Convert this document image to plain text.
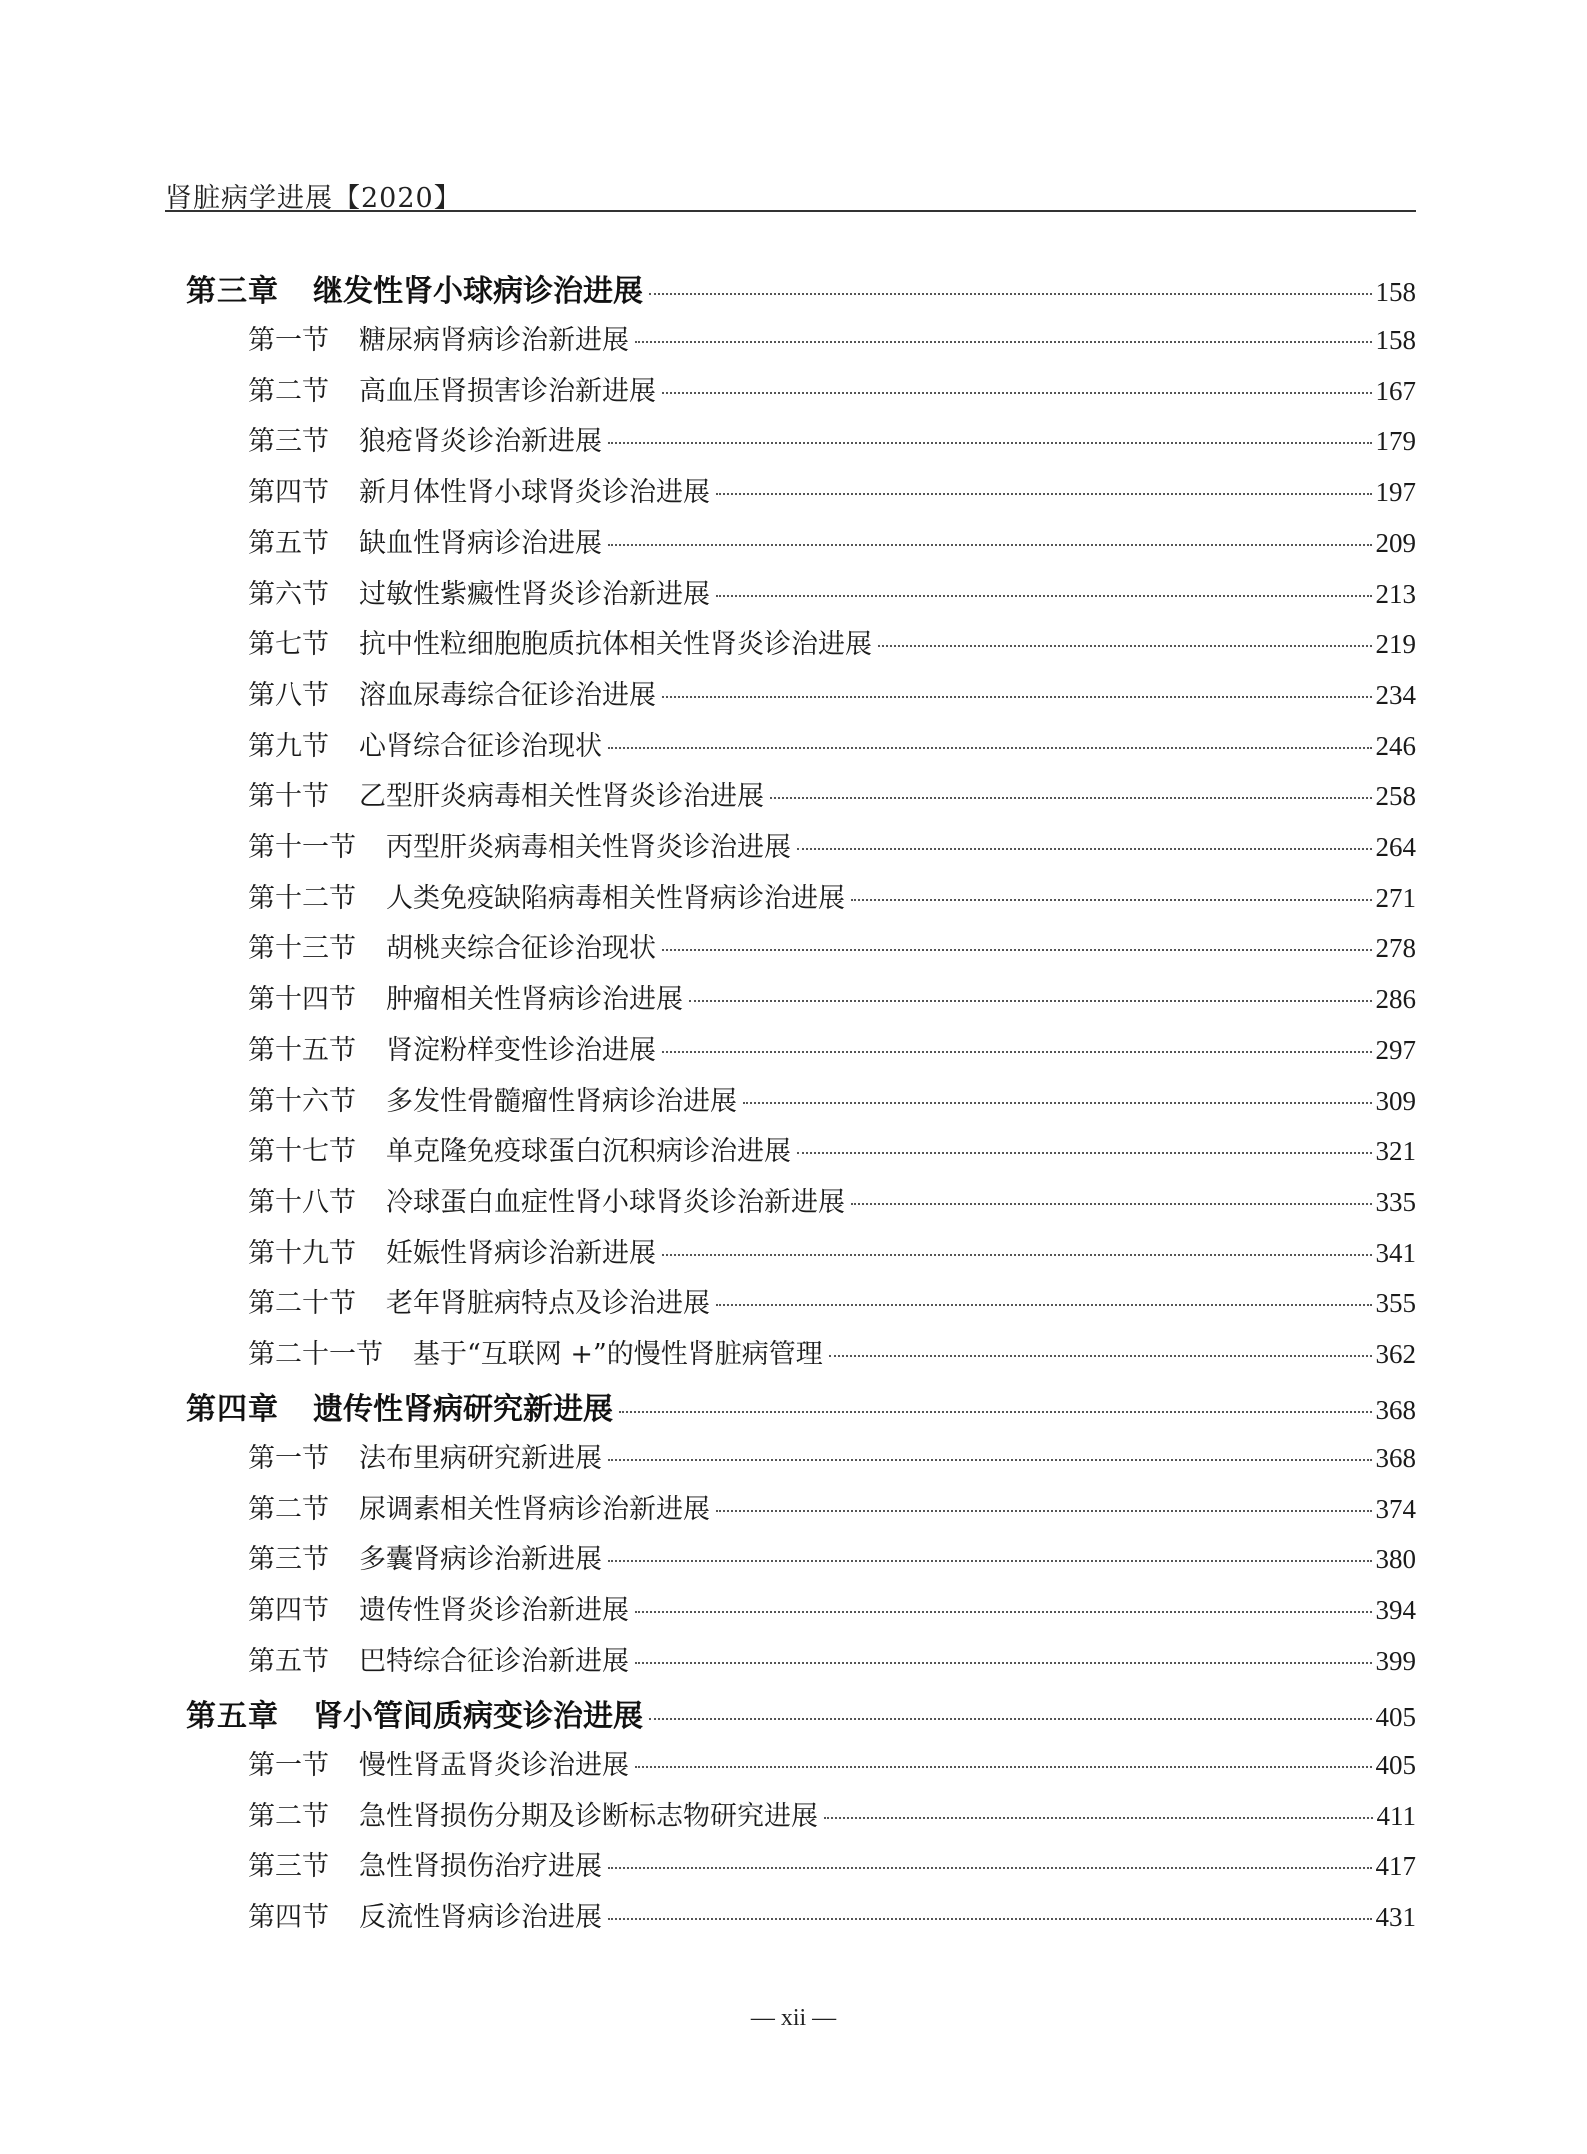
肾脏病学进展【2020】
第三章 继发性肾小球病诊治进展	158
第一节 糖尿病肾病诊治新进展	158
第二节 高血压肾损害诊治新进展	167
第三节 狼疮肾炎诊治新进展	179
第四节 新月体性肾小球肾炎诊治进展	197
第五节 缺血性肾病诊治进展	209
第六节 过敏性紫癜性肾炎诊治新进展	213
第七节 抗中性粒细胞胞质抗体相关性肾炎诊治进展	219
第八节 溶血尿毒综合征诊治进展	234
第九节 心肾综合征诊治现状	246
第十节 乙型肝炎病毒相关性肾炎诊治进展	258
第十一节 丙型肝炎病毒相关性肾炎诊治进展	264
第十二节 人类免疫缺陷病毒相关性肾病诊治进展	271
第十三节 胡桃夹综合征诊治现状	278
第十四节 肿瘤相关性肾病诊治进展	286
第十五节 肾淀粉样变性诊治进展	297
第十六节 多发性骨髓瘤性肾病诊治进展	309
第十七节 单克隆免疫球蛋白沉积病诊治进展	321
第十八节 冷球蛋白血症性肾小球肾炎诊治新进展	335
第十九节 妊娠性肾病诊治新进展	341
第二十节 老年肾脏病特点及诊治进展	355
第二十一节 基于“互联网 +”的慢性肾脏病管理	362
第四章 遗传性肾病研究新进展	368
第一节 法布里病研究新进展	368
第二节 尿调素相关性肾病诊治新进展	374
第三节 多囊肾病诊治新进展	380
第四节 遗传性肾炎诊治新进展	394
第五节 巴特综合征诊治新进展	399
第五章 肾小管间质病变诊治进展	405
第一节 慢性肾盂肾炎诊治进展	405
第二节 急性肾损伤分期及诊断标志物研究进展	411
第三节 急性肾损伤治疗进展	417
第四节 反流性肾病诊治进展	431
— xii —
